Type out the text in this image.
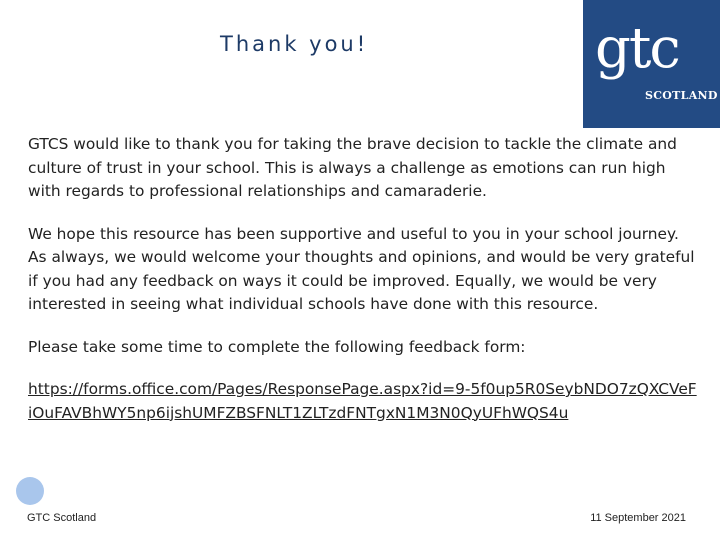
Thank you!	gtc
SCOTLAND

GTCS would like to thank you for taking the brave decision to tackle the climate and culture of trust in your school. This is always a challenge as emotions can run high with regards to professional relationships and camaraderie.

We hope this resource has been supportive and useful to you in your school journey. As always, we would welcome your thoughts and opinions, and would be very grateful if you had any feedback on ways it could be improved. Equally, we would be very interested in seeing what individual schools have done with this resource.

Please take some time to complete the following feedback form:

https://forms.office.com/Pages/ResponsePage.aspx?id=9-5f0up5R0SeybNDO7zQXCVeFiOuFAVBhWY5np6ijshUMFZBSFNLT1ZLTzdFNTgxN1M3N0QyUFhWQS4u
GTC Scotland	11 September 2021
